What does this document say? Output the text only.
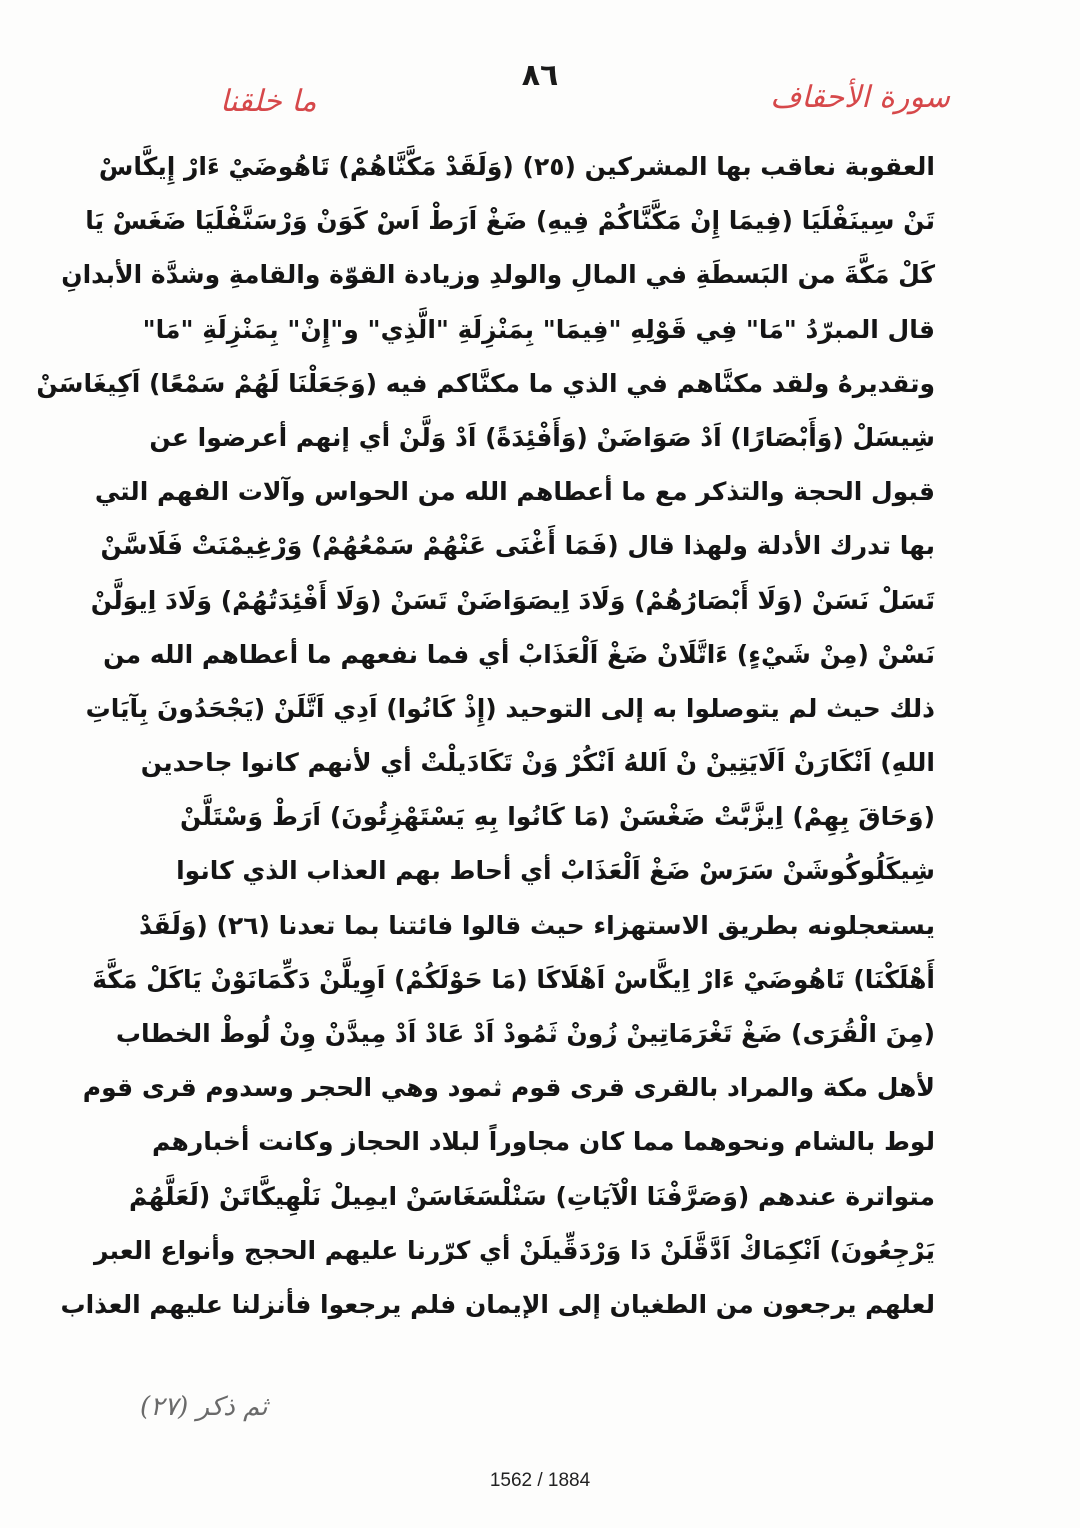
٨٦
سورة الأحقاف
ما خلقنا
العقوبة نعاقب بها المشركين (٢٥) (وَلَقَدْ مَكَّنَّاهُمْ) تَاهُوضَيْ ءَارْ إِيكَّاسْ
تَنْ سِينَفْلَيَا (فِيمَا إِنْ مَكَّنَّاكُمْ فِيهِ) ضَغْ اَرَطْ اَسْ كَوَنْ وَرْسَنَّفْلَيَا ضَغَسْ يَا
كَلْ مَكَّةَ من البَسطَةِ في المالِ والولدِ وزيادة القوّة والقامةِ وشدَّة الأبدانِ
قال المبرّدُ "مَا" فِي قَوْلِهِ "فِيمَا" بِمَنْزِلَةِ "الَّذِي" و"إِنْ" بِمَنْزِلَةِ "مَا"
وتقديرهُ ولقد مكنَّاهم في الذي ما مكنَّاكم فيه (وَجَعَلْنَا لَهُمْ سَمْعًا) اَكِيغَاسَنْ
شِيسَلْ (وَأَبْصَارًا) اَدْ صَوَاضَنْ (وَأَفْئِدَةً) اَدْ وَلَّنْ أي إنهم أعرضوا عن
قبول الحجة والتذكر مع ما أعطاهم الله من الحواس وآلات الفهم التي
بها تدرك الأدلة ولهذا قال (فَمَا أَغْنَى عَنْهُمْ سَمْعُهُمْ) وَرْغِيمْنَتْ فَلَاسَّنْ
تَسَلْ نَسَنْ (وَلَا أَبْصَارُهُمْ) وَلَادَ اِيصَوَاضَنْ تَسَنْ (وَلَا أَفْئِدَتُهُمْ) وَلَادَ اِيوَلَّنْ
نَسْنْ (مِنْ شَيْءٍ) ءَاتَّلَانْ ضَغْ اَلْعَذَابْ أي فما نفعهم ما أعطاهم الله من
ذلك حيث لم يتوصلوا به إلى التوحيد (إِذْ كَانُوا) اَدِي اَتَّلَنْ (يَجْحَدُونَ بِآيَاتِ
اللهِ) اَنْكَارَنْ اَلَايَتِينْ نْ اَللهُ اَنْكُرْ وَنْ تَكَادَيلْتْ أي لأنهم كانوا جاحدين
(وَحَاقَ بِهِمْ) اِيزَّبَّتْ ضَغْسَنْ (مَا كَانُوا بِهِ يَسْتَهْزِئُونَ) اَرَطْ وَسْتَلَّنْ
شِيكَلُوكُوشَنْ سَرَسْ ضَغْ اَلْعَذَابْ أي أحاط بهم العذاب الذي كانوا
يستعجلونه بطريق الاستهزاء حيث قالوا فائتنا بما تعدنا (٢٦) (وَلَقَدْ
أَهْلَكْنَا) تَاهُوضَيْ ءَارْ اِيكَّاسْ اَهْلَاكَا (مَا حَوْلَكُمْ) اَوِيلَّنْ دَكِّمَانَوْنْ يَاكَلْ مَكَّةَ
(مِنَ الْقُرَى) ضَغْ تَغْرَمَاتِينْ زُونْ ثَمُودْ اَدْ عَادْ اَدْ مِيدَّنْ وِنْ لُوطْ الخطاب
لأهل مكة والمراد بالقرى قرى قوم ثمود وهي الحجر وسدوم قرى قوم
لوط بالشام ونحوهما مما كان مجاوراً لبلاد الحجاز وكانت أخبارهم
متواترة عندهم (وَصَرَّفْنَا الْآيَاتِ) سَنْلْسَغَاسَنْ ايمِيلْ نَلْهِيكَّاتَنْ (لَعَلَّهُمْ
يَرْجِعُونَ) اَنْكِمَاكْ اَدَّقَّلَنْ دَا وَرْدَقِّيلَنْ أي كرّرنا عليهم الحجج وأنواع العبر
لعلهم يرجعون من الطغيان إلى الإيمان فلم يرجعوا فأنزلنا عليهم العذاب
(٢٧) ثم ذكر
1562 / 1884
